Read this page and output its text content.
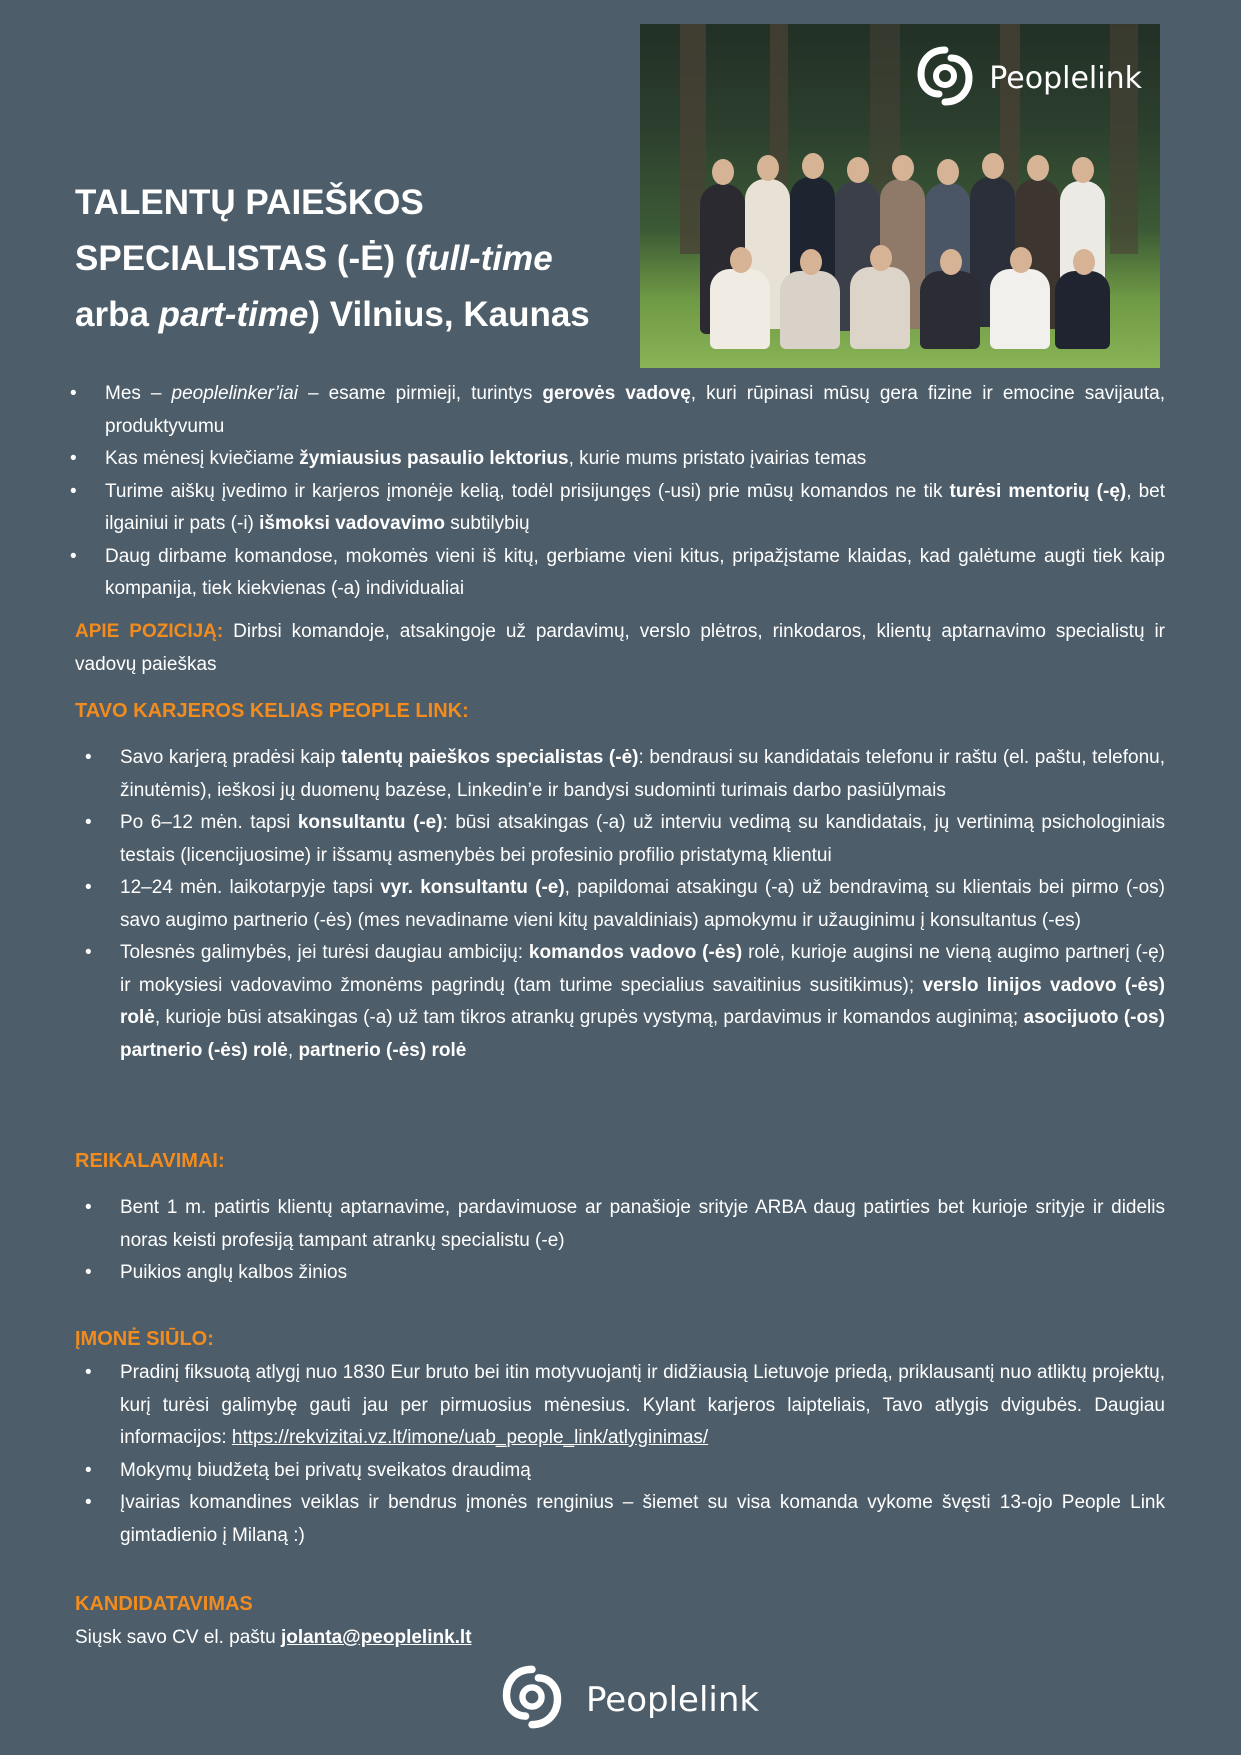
TALENTŲ PAIEŠKOS
SPECIALISTAS (-Ė) (full-time
arba part-time) Vilnius, Kaunas
Peoplelink
• Mes – peoplelinker’iai – esame pirmieji, turintys gerovės vadovę, kuri rūpinasi mūsų gera fizine ir emocine savijauta, produktyvumu
• Kas mėnesį kviečiame žymiausius pasaulio lektorius, kurie mums pristato įvairias temas
• Turime aiškų įvedimo ir karjeros įmonėje kelią, todėl prisijungęs (-usi) prie mūsų komandos ne tik turėsi mentorių (-ę), bet ilgainiui ir pats (-i) išmoksi vadovavimo subtilybių
• Daug dirbame komandose, mokomės vieni iš kitų, gerbiame vieni kitus, pripažįstame klaidas, kad galėtume augti tiek kaip kompanija, tiek kiekvienas (-a) individualiai

APIE POZICIJĄ: Dirbsi komandoje, atsakingoje už pardavimų, verslo plėtros, rinkodaros, klientų aptarnavimo specialistų ir vadovų paieškas

TAVO KARJEROS KELIAS PEOPLE LINK:
• Savo karjerą pradėsi kaip talentų paieškos specialistas (-ė): bendrausi su kandidatais telefonu ir raštu (el. paštu, telefonu, žinutėmis), ieškosi jų duomenų bazėse, Linkedin’e ir bandysi sudominti turimais darbo pasiūlymais
• Po 6–12 mėn. tapsi konsultantu (-e): būsi atsakingas (-a) už interviu vedimą su kandidatais, jų vertinimą psichologiniais testais (licencijuosime) ir išsamų asmenybės bei profesinio profilio pristatymą klientui
• 12–24 mėn. laikotarpyje tapsi vyr. konsultantu (-e), papildomai atsakingu (-a) už bendravimą su klientais bei pirmo (-os) savo augimo partnerio (-ės) (mes nevadiname vieni kitų pavaldiniais) apmokymu ir užauginimu į konsultantus (-es)
• Tolesnės galimybės, jei turėsi daugiau ambicijų: komandos vadovo (-ės) rolė, kurioje auginsi ne vieną augimo partnerį (-ę) ir mokysiesi vadovavimo žmonėms pagrindų (tam turime specialius savaitinius susitikimus); verslo linijos vadovo (-ės) rolė, kurioje būsi atsakingas (-a) už tam tikros atrankų grupės vystymą, pardavimus ir komandos auginimą; asocijuoto (-os) partnerio (-ės) rolė, partnerio (-ės) rolė
REIKALAVIMAI:
• Bent 1 m. patirtis klientų aptarnavime, pardavimuose ar panašioje srityje ARBA daug patirties bet kurioje srityje ir didelis noras keisti profesiją tampant atrankų specialistu (-e)
• Puikios anglų kalbos žinios
ĮMONĖ SIŪLO:
• Pradinį fiksuotą atlygį nuo 1830 Eur bruto bei itin motyvuojantį ir didžiausią Lietuvoje priedą, priklausantį nuo atliktų projektų, kurį turėsi galimybę gauti jau per pirmuosius mėnesius. Kylant karjeros laipteliais, Tavo atlygis dvigubės. Daugiau informacijos: https://rekvizitai.vz.lt/imone/uab_people_link/atlyginimas/
• Mokymų biudžetą bei privatų sveikatos draudimą
• Įvairias komandines veiklas ir bendrus įmonės renginius – šiemet su visa komanda vykome švęsti 13-ojo People Link gimtadienio į Milaną :)
KANDIDATAVIMAS

Siųsk savo CV el. paštu jolanta@peoplelink.lt

Peoplelink
